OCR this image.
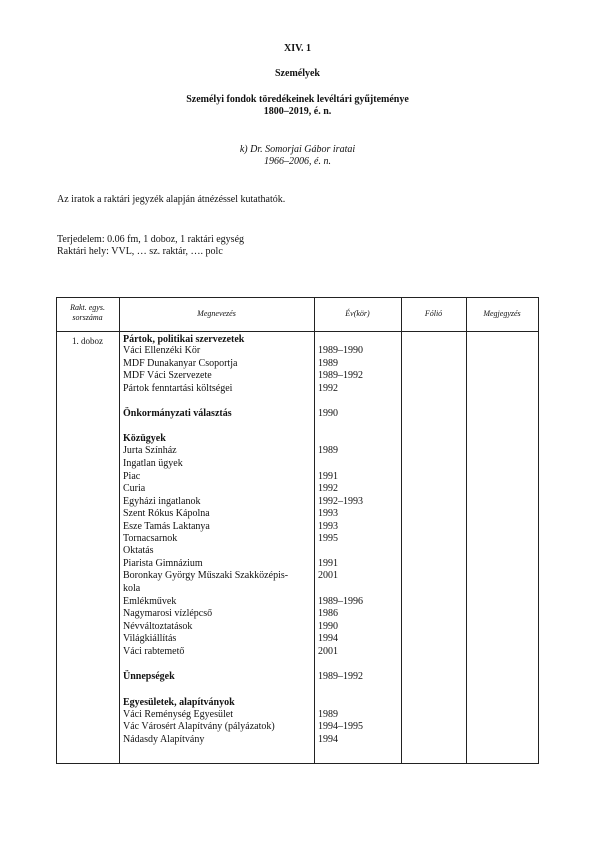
XIV. 1
Személyek
Személyi fondok töredékeinek levéltári gyűjteménye
1800–2019, é. n.
k) Dr. Somorjai Gábor iratai
1966–2006, é. n.
Az iratok a raktári jegyzék alapján átnézéssel kutathatók.
Terjedelem: 0.06 fm, 1 doboz, 1 raktári egység
Raktári hely: VVL, … sz. raktár, …. polc
Rakt. egys.
sorszáma	Megnevezés	Év(kör)	Fólió	Megjegyzés
1. doboz	Pártok, politikai szervezetek
Váci Ellenzéki Kör	1989–1990
MDF Dunakanyar Csoportja	1989
MDF Váci Szervezete	1989–1992
Pártok fenntartási költségei	1992
Önkormányzati választás	1990
Közügyek
Jurta Színház	1989
Ingatlan ügyek
Piac	1991
Curia	1992
Egyházi ingatlanok	1992–1993
Szent Rókus Kápolna	1993
Esze Tamás Laktanya	1993
Tornacsarnok	1995
Oktatás
Piarista Gimnázium	1991
Boronkay György Műszaki Szakközépis-	2001
kola
Emlékművek	1989–1996
Nagymarosi vízlépcső	1986
Névváltoztatások	1990
Világkiállítás	1994
Váci rabtemető	2001
Ünnepségek	1989–1992
Egyesületek, alapítványok
Váci Reménység Egyesület	1989
Vác Városért Alapítvány (pályázatok)	1994–1995
Nádasdy Alapítvány	1994
